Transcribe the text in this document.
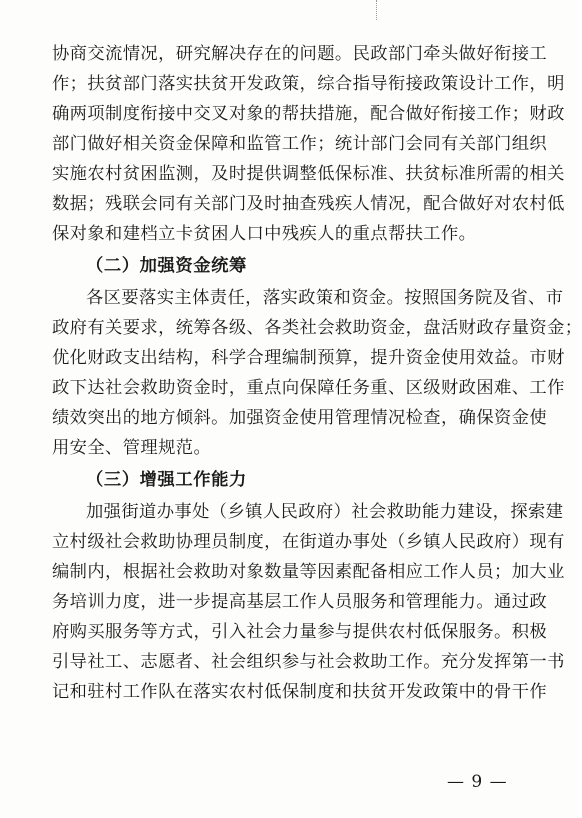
协商交流情况，研究解决存在的问题。民政部门牵头做好衔接工
作；扶贫部门落实扶贫开发政策，综合指导衔接政策设计工作，明
确两项制度衔接中交叉对象的帮扶措施，配合做好衔接工作；财政
部门做好相关资金保障和监管工作；统计部门会同有关部门组织
实施农村贫困监测，及时提供调整低保标准、扶贫标准所需的相关
数据；残联会同有关部门及时抽查残疾人情况，配合做好对农村低
保对象和建档立卡贫困人口中残疾人的重点帮扶工作。
（二）加强资金统筹
各区要落实主体责任，落实政策和资金。按照国务院及省、市
政府有关要求，统筹各级、各类社会救助资金，盘活财政存量资金；
优化财政支出结构，科学合理编制预算，提升资金使用效益。市财
政下达社会救助资金时，重点向保障任务重、区级财政困难、工作
绩效突出的地方倾斜。加强资金使用管理情况检查，确保资金使
用安全、管理规范。
（三）增强工作能力
加强街道办事处（乡镇人民政府）社会救助能力建设，探索建
立村级社会救助协理员制度，在街道办事处（乡镇人民政府）现有
编制内，根据社会救助对象数量等因素配备相应工作人员；加大业
务培训力度，进一步提高基层工作人员服务和管理能力。通过政
府购买服务等方式，引入社会力量参与提供农村低保服务。积极
引导社工、志愿者、社会组织参与社会救助工作。充分发挥第一书
记和驻村工作队在落实农村低保制度和扶贫开发政策中的骨干作
— 9 —
